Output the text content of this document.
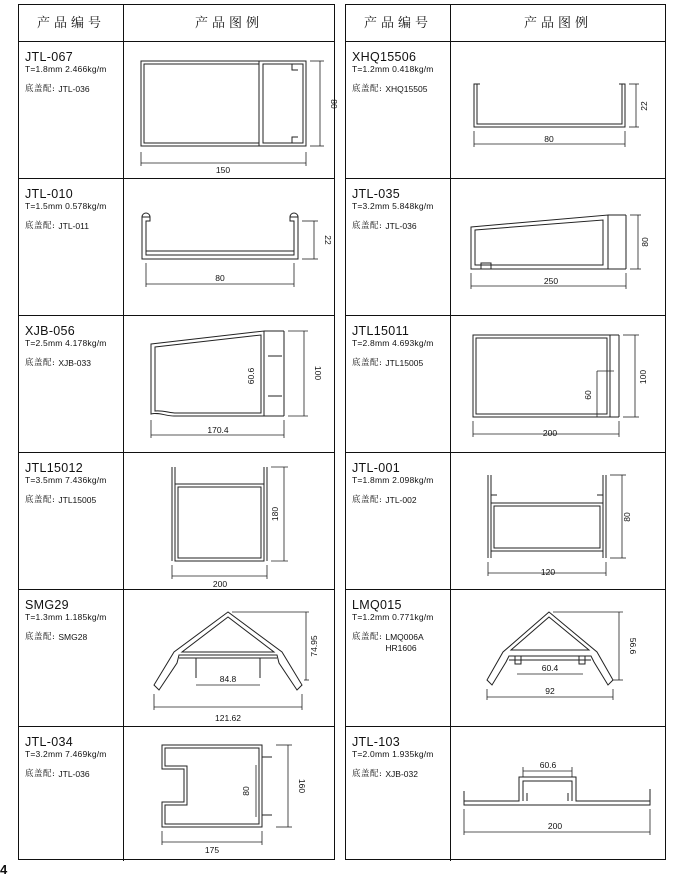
产品编号	产品图例
JTL-067
T=1.8mm 2.466kg/m
底盖配: JTL-036
150
80
JTL-010
T=1.5mm 0.578kg/m
底盖配: JTL-011
80
22
XJB-056
T=2.5mm 4.178kg/m
底盖配: XJB-033
170.4
60.6	100
JTL15012
T=3.5mm 7.436kg/m
底盖配: JTL15005
200
180
SMG29
T=1.3mm 1.185kg/m
底盖配: SMG28
84.8
121.62
74.95
JTL-034
T=3.2mm 7.469kg/m
底盖配: JTL-036
175
80	160
产品编号	产品图例
XHQ15506
T=1.2mm 0.418kg/m
底盖配: XHQ15505
80
22
JTL-035
T=3.2mm 5.848kg/m
底盖配: JTL-036
250
80
JTL15011
T=2.8mm 4.693kg/m
底盖配: JTL15005
200
60
100
JTL-001
T=1.8mm 2.098kg/m
底盖配: JTL-002
120
80
LMQ015
T=1.2mm 0.771kg/m
底盖配: LMQ006A
HR1606
60.4
92
56.6
JTL-103
T=2.0mm 1.935kg/m
底盖配: XJB-032
60.6
200
4
